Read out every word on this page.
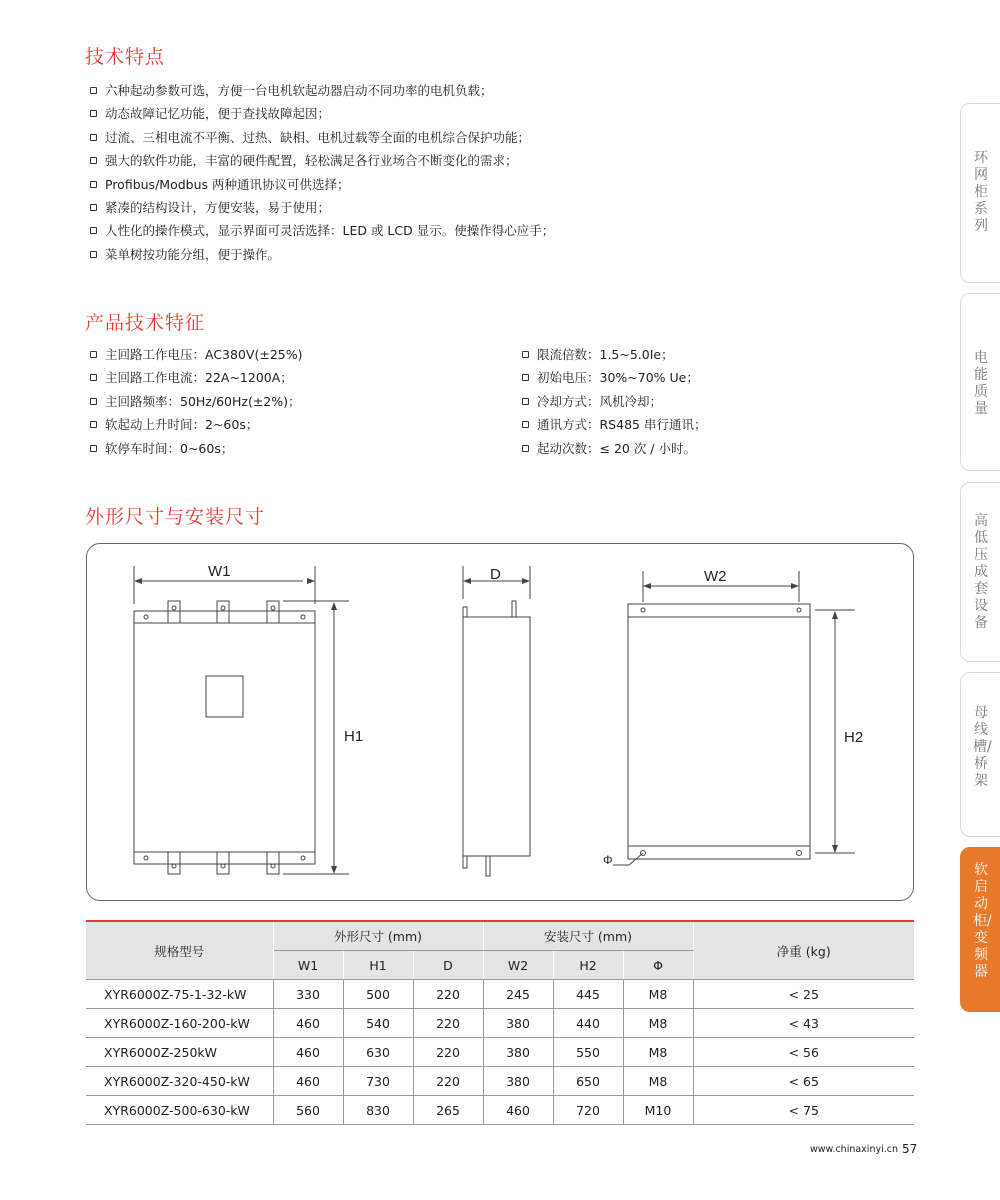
技术特点
六种起动参数可选，方便一台电机软起动器启动不同功率的电机负载；
动态故障记忆功能，便于查找故障起因；
过流、三相电流不平衡、过热、缺相、电机过载等全面的电机综合保护功能；
强大的软件功能，丰富的硬件配置，轻松满足各行业场合不断变化的需求；
Profibus/Modbus 两种通讯协议可供选择；
紧凑的结构设计，方便安装，易于使用；
人性化的操作模式，显示界面可灵活选择：LED 或 LCD 显示。使操作得心应手；
菜单树按功能分组，便于操作。
产品技术特征
主回路工作电压：AC380V(±25%)
主回路工作电流：22A~1200A；
主回路频率：50Hz/60Hz(±2%)；
软起动上升时间：2~60s；
软停车时间：0~60s；
限流倍数：1.5~5.0Ie；
初始电压：30%~70% Ue；
冷却方式：风机冷却；
通讯方式：RS485 串行通讯；
起动次数：≤ 20 次 / 小时。
外形尺寸与安装尺寸
W1
H1
D	W2
H2
Φ
规格型号	外形尺寸 (mm)			安装尺寸 (mm)			净重 (kg)
	W1	H1	D	W2	H2	Φ	
XYR6000Z-75-1-32-kW	330	500	220	245	445	M8	< 25
XYR6000Z-160-200-kW	460	540	220	380	440	M8	< 43
XYR6000Z-250kW	460	630	220	380	550	M8	< 56
XYR6000Z-320-450-kW	460	730	220	380	650	M8	< 65
XYR6000Z-500-630-kW	560	830	265	460	720	M10	< 75
环网柜系列
电能质量
高低压成套设备
母线槽/桥架
软启动柜/变频器
www.chinaxinyi.cn 57
